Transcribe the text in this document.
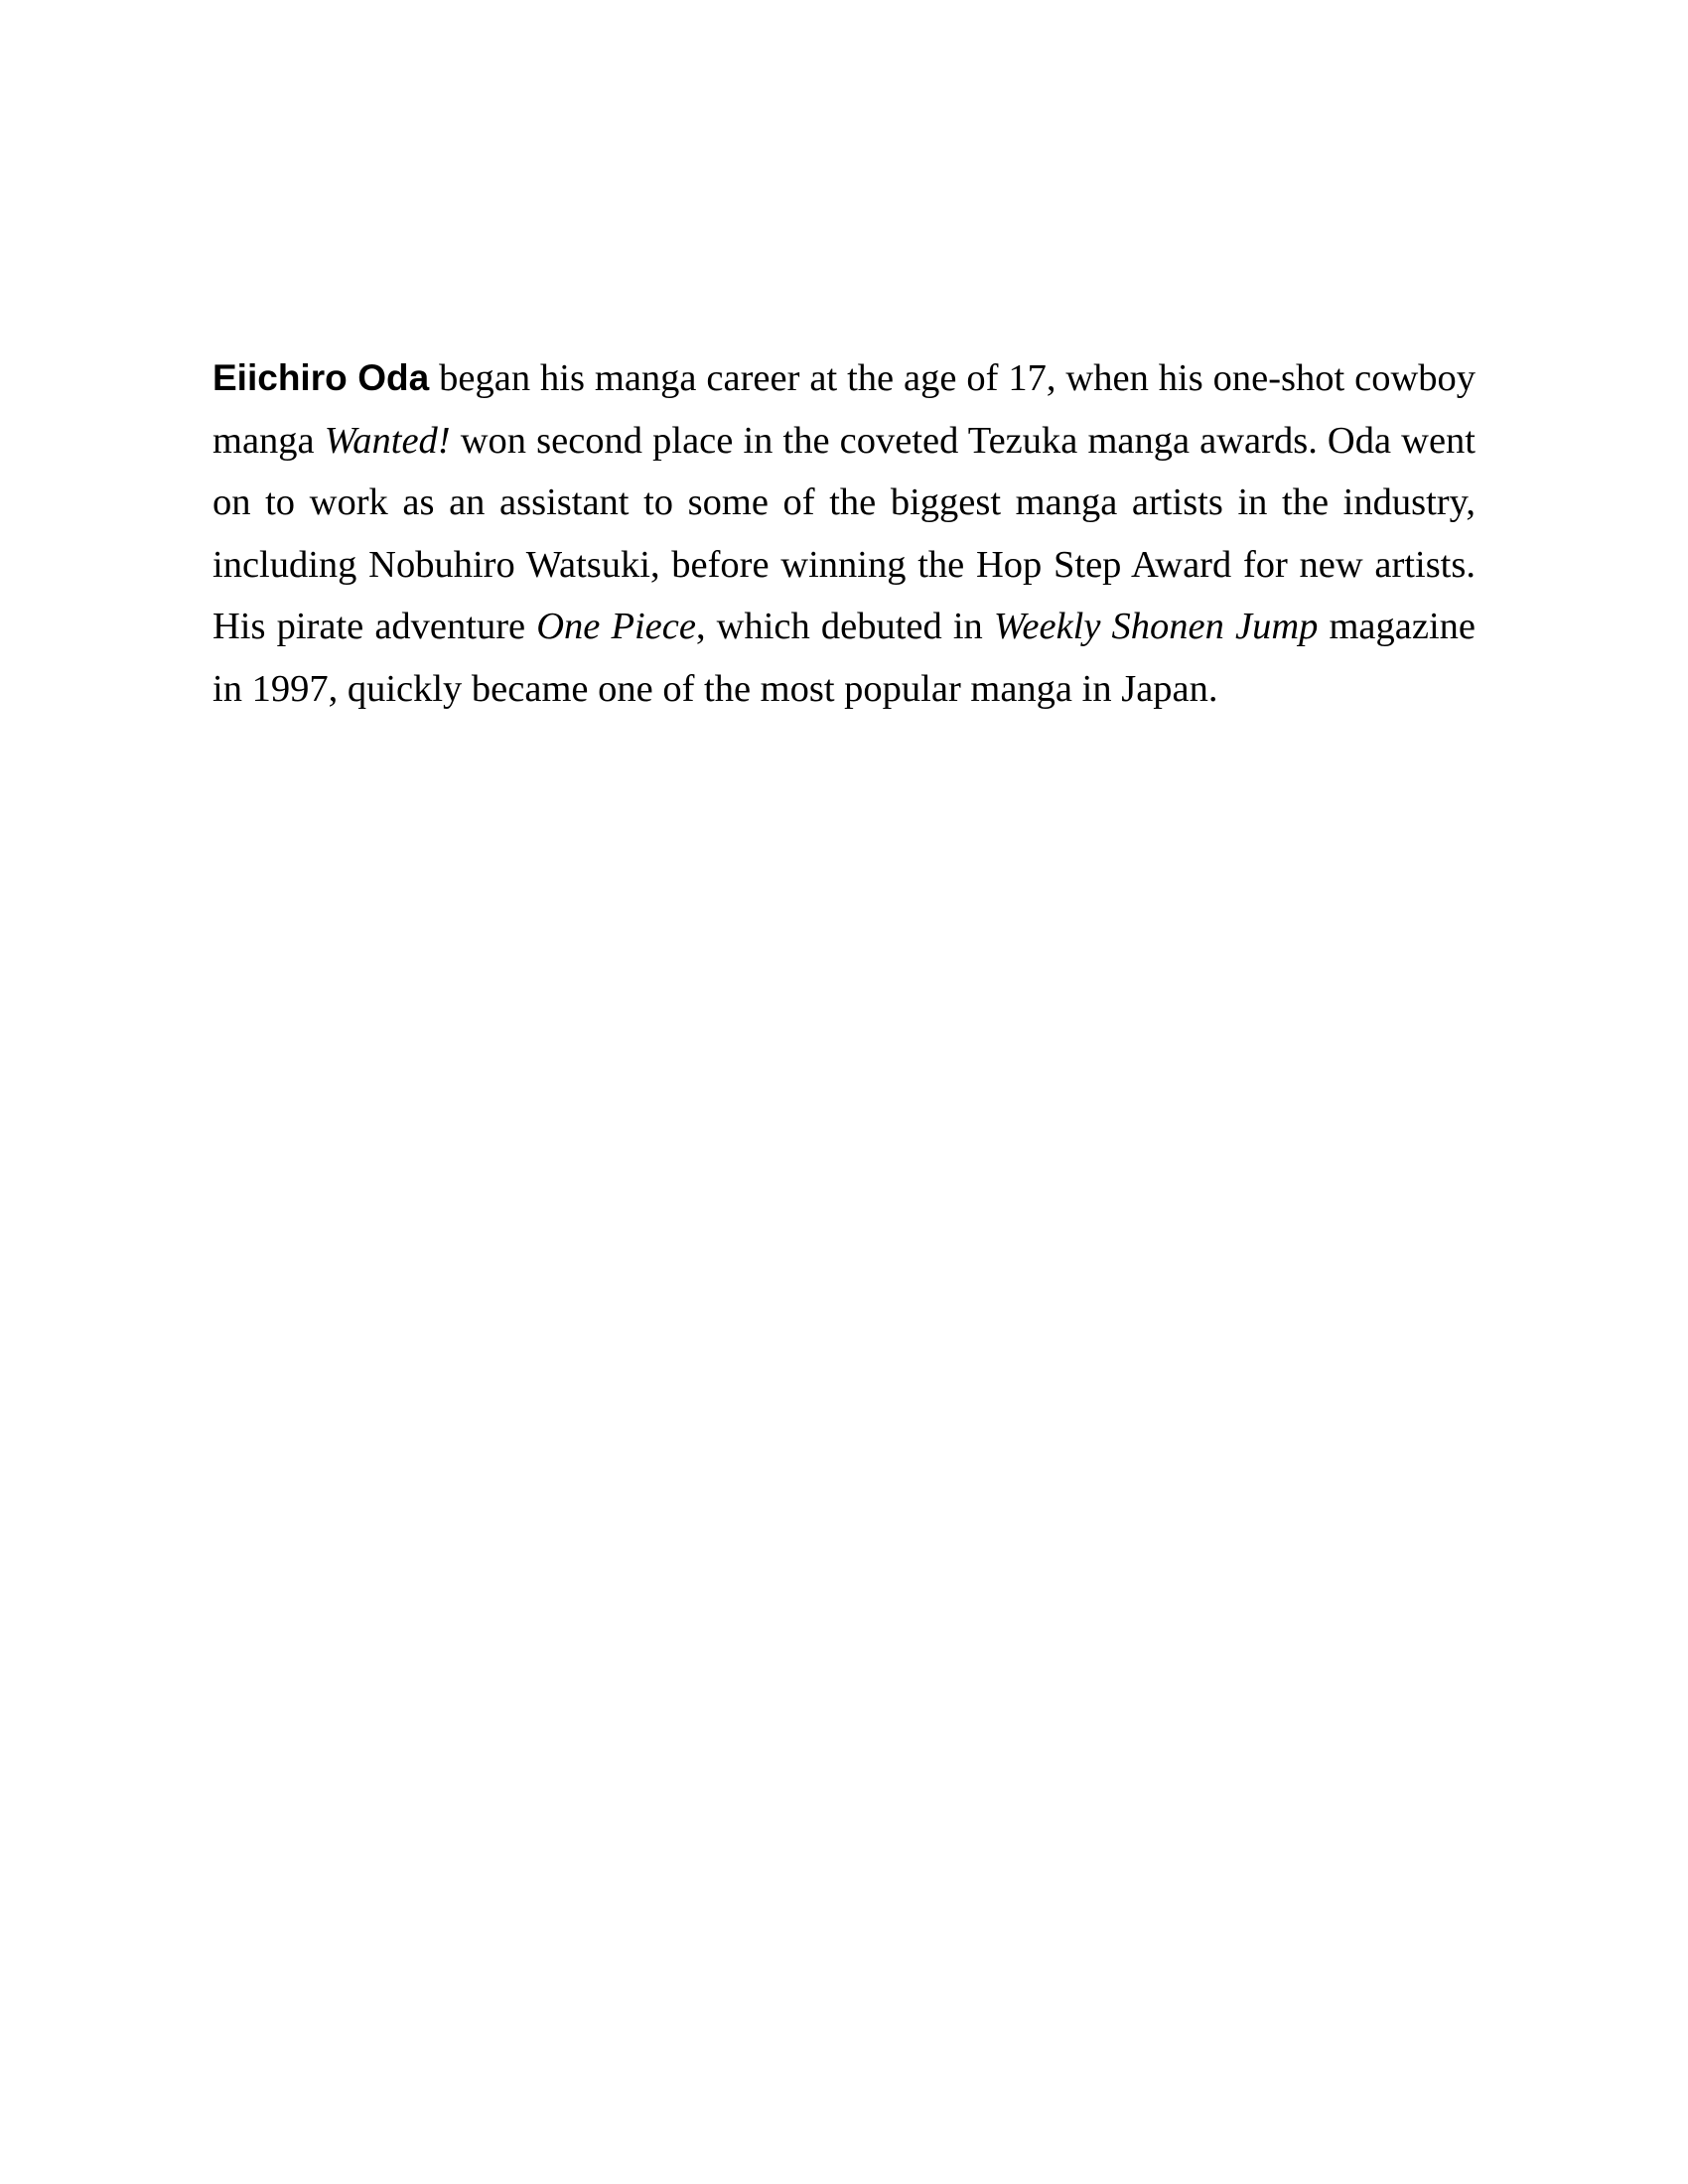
Eiichiro Oda began his manga career at the age of 17, when his one-shot cowboy manga Wanted! won second place in the coveted Tezuka manga awards. Oda went on to work as an assistant to some of the biggest manga artists in the industry, including Nobuhiro Watsuki, before winning the Hop Step Award for new artists. His pirate adventure One Piece, which debuted in Weekly Shonen Jump magazine in 1997, quickly became one of the most popular manga in Japan.
